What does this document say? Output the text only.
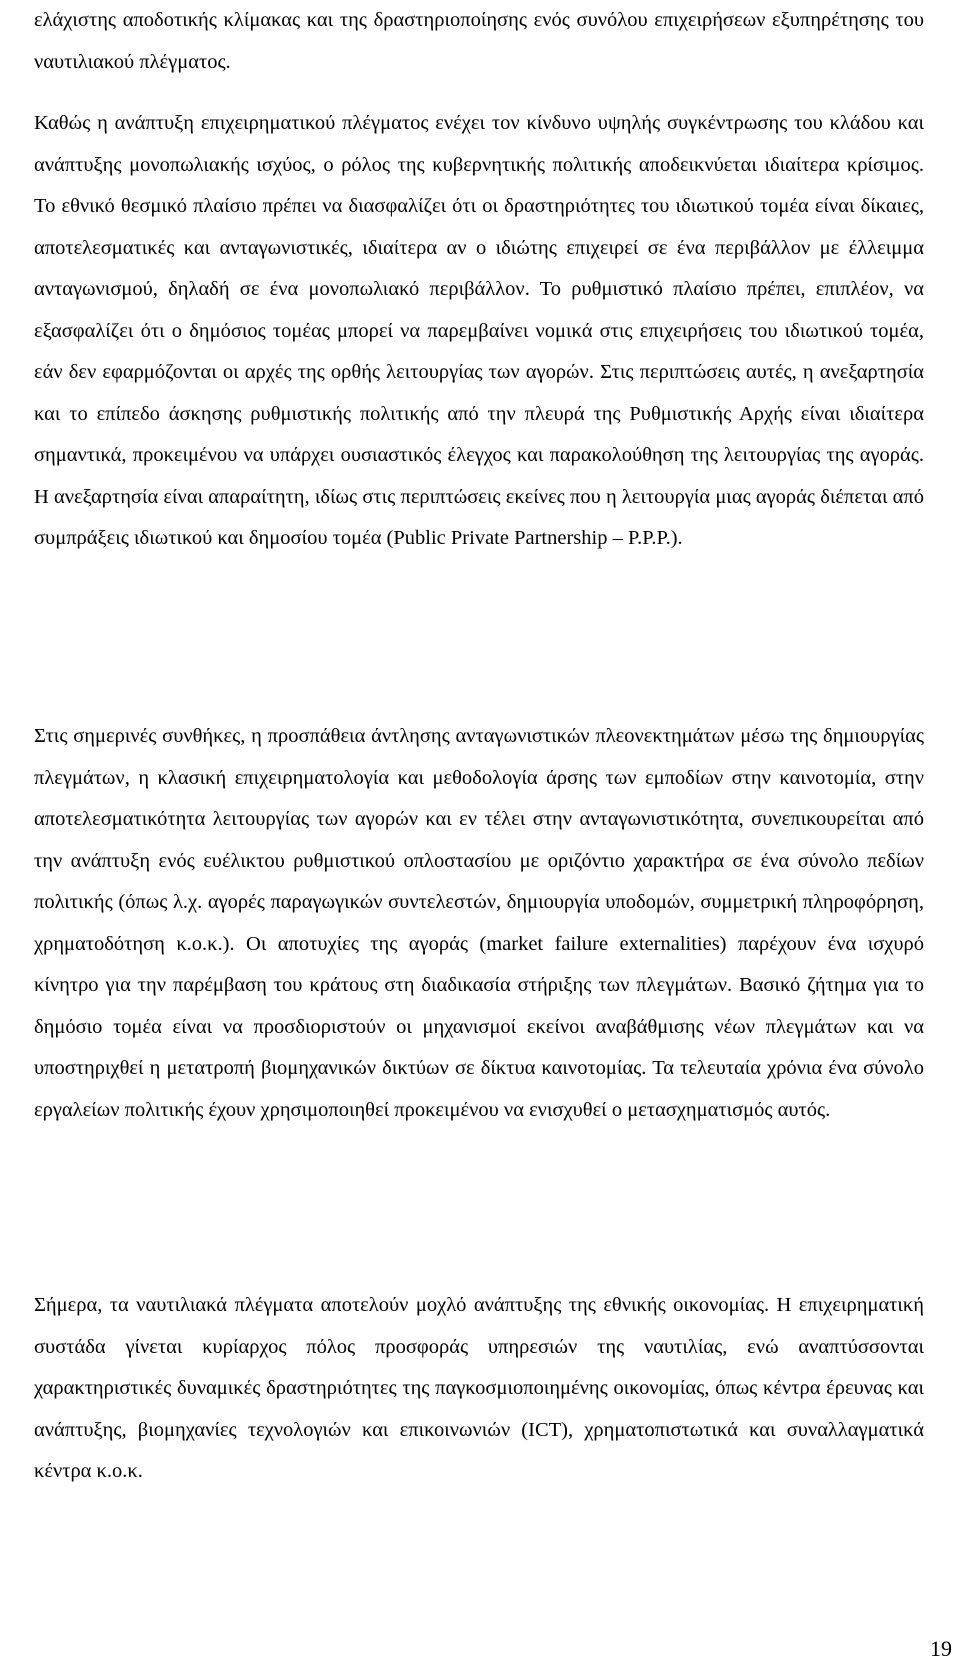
ελάχιστης αποδοτικής κλίμακας και της δραστηριοποίησης ενός συνόλου επιχειρήσεων εξυπηρέτησης του ναυτιλιακού πλέγματος.

Καθώς η ανάπτυξη επιχειρηματικού πλέγματος ενέχει τον κίνδυνο υψηλής συγκέντρωσης του κλάδου και ανάπτυξης μονοπωλιακής ισχύος, ο ρόλος της κυβερνητικής πολιτικής αποδεικνύεται ιδιαίτερα κρίσιμος. Το εθνικό θεσμικό πλαίσιο πρέπει να διασφαλίζει ότι οι δραστηριότητες του ιδιωτικού τομέα είναι δίκαιες, αποτελεσματικές και ανταγωνιστικές, ιδιαίτερα αν ο ιδιώτης επιχειρεί σε ένα περιβάλλον με έλλειμμα ανταγωνισμού, δηλαδή σε ένα μονοπωλιακό περιβάλλον. Το ρυθμιστικό πλαίσιο πρέπει, επιπλέον, να εξασφαλίζει ότι ο δημόσιος τομέας μπορεί να παρεμβαίνει νομικά στις επιχειρήσεις του ιδιωτικού τομέα, εάν δεν εφαρμόζονται οι αρχές της ορθής λειτουργίας των αγορών. Στις περιπτώσεις αυτές, η ανεξαρτησία και το επίπεδο άσκησης ρυθμιστικής πολιτικής από την πλευρά της Ρυθμιστικής Αρχής είναι ιδιαίτερα σημαντικά, προκειμένου να υπάρχει ουσιαστικός έλεγχος και παρακολούθηση της λειτουργίας της αγοράς. Η ανεξαρτησία είναι απαραίτητη, ιδίως στις περιπτώσεις εκείνες που η λειτουργία μιας αγοράς διέπεται από συμπράξεις ιδιωτικού και δημοσίου τομέα (Public Private Partnership – P.P.P.).

Στις σημερινές συνθήκες, η προσπάθεια άντλησης ανταγωνιστικών πλεονεκτημάτων μέσω της δημιουργίας πλεγμάτων, η κλασική επιχειρηματολογία και μεθοδολογία άρσης των εμποδίων στην καινοτομία, στην αποτελεσματικότητα λειτουργίας των αγορών και εν τέλει στην ανταγωνιστικότητα, συνεπικουρείται από την ανάπτυξη ενός ευέλικτου ρυθμιστικού οπλοστασίου με οριζόντιο χαρακτήρα σε ένα σύνολο πεδίων πολιτικής (όπως λ.χ. αγορές παραγωγικών συντελεστών, δημιουργία υποδομών, συμμετρική πληροφόρηση, χρηματοδότηση κ.ο.κ.). Οι αποτυχίες της αγοράς (market failure externalities) παρέχουν ένα ισχυρό κίνητρο για την παρέμβαση του κράτους στη διαδικασία στήριξης των πλεγμάτων. Βασικό ζήτημα για το δημόσιο τομέα είναι να προσδιοριστούν οι μηχανισμοί εκείνοι αναβάθμισης νέων πλεγμάτων και να υποστηριχθεί η μετατροπή βιομηχανικών δικτύων σε δίκτυα καινοτομίας. Τα τελευταία χρόνια ένα σύνολο εργαλείων πολιτικής έχουν χρησιμοποιηθεί προκειμένου να ενισχυθεί ο μετασχηματισμός αυτός.

Σήμερα, τα ναυτιλιακά πλέγματα αποτελούν μοχλό ανάπτυξης της εθνικής οικονομίας. Η επιχειρηματική συστάδα γίνεται κυρίαρχος πόλος προσφοράς υπηρεσιών της ναυτιλίας, ενώ αναπτύσσονται χαρακτηριστικές δυναμικές δραστηριότητες της παγκοσμιοποιημένης οικονομίας, όπως κέντρα έρευνας και ανάπτυξης, βιομηχανίες τεχνολογιών και επικοινωνιών (ICT), χρηματοπιστωτικά και συναλλαγματικά κέντρα κ.ο.κ.

19
